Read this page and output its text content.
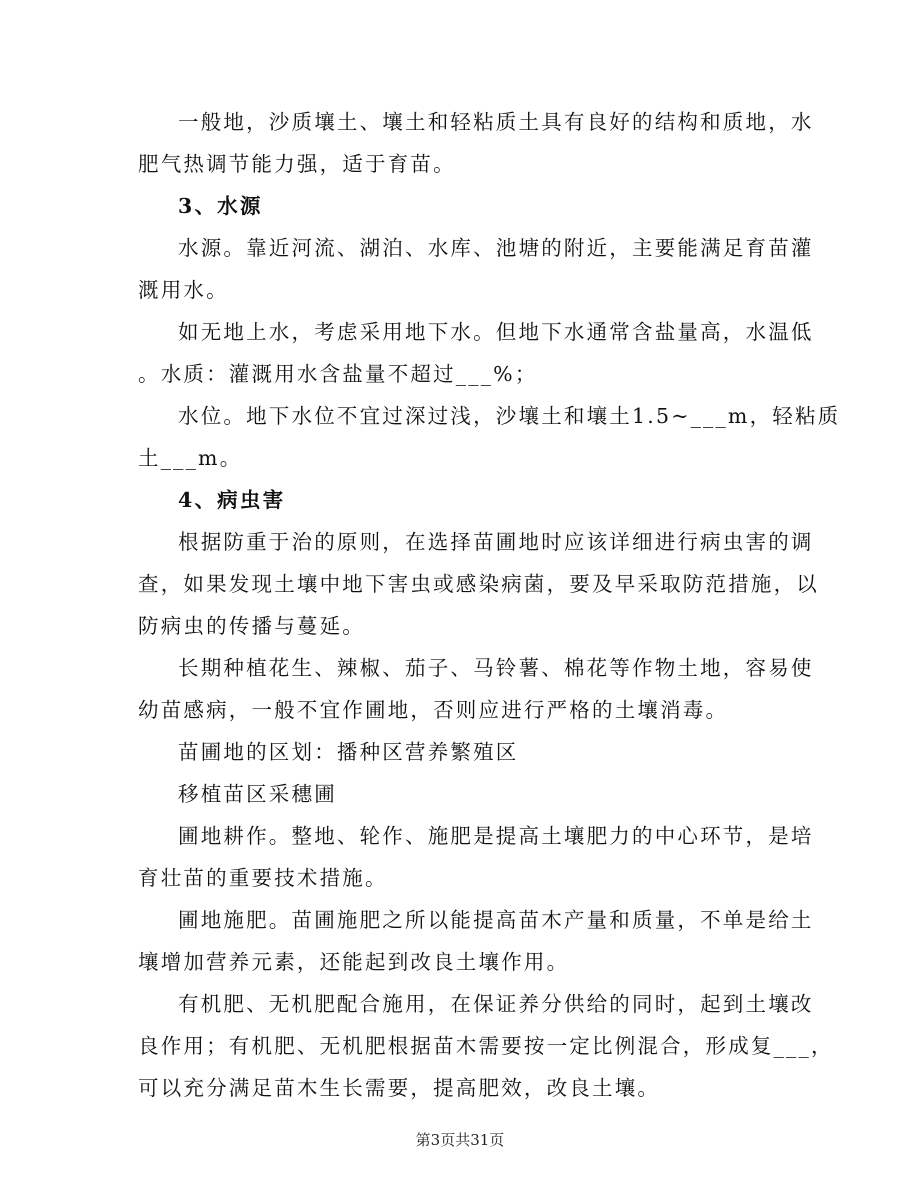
一般地，沙质壤土、壤土和轻粘质土具有良好的结构和质地，水
肥气热调节能力强，适于育苗。
3、水源
水源。靠近河流、湖泊、水库、池塘的附近，主要能满足育苗灌
溉用水。
如无地上水，考虑采用地下水。但地下水通常含盐量高，水温低
。水质：灌溉用水含盐量不超过___%；
水位。地下水位不宜过深过浅，沙壤土和壤土1.5~___m，轻粘质
土___m。
4、病虫害
根据防重于治的原则，在选择苗圃地时应该详细进行病虫害的调
查，如果发现土壤中地下害虫或感染病菌，要及早采取防范措施，以
防病虫的传播与蔓延。
长期种植花生、辣椒、茄子、马铃薯、棉花等作物土地，容易使
幼苗感病，一般不宜作圃地，否则应进行严格的土壤消毒。
苗圃地的区划：播种区营养繁殖区
移植苗区采穗圃
圃地耕作。整地、轮作、施肥是提高土壤肥力的中心环节，是培
育壮苗的重要技术措施。
圃地施肥。苗圃施肥之所以能提高苗木产量和质量，不单是给土
壤增加营养元素，还能起到改良土壤作用。
有机肥、无机肥配合施用，在保证养分供给的同时，起到土壤改
良作用；有机肥、无机肥根据苗木需要按一定比例混合，形成复___，
可以充分满足苗木生长需要，提高肥效，改良土壤。
第3页共31页
